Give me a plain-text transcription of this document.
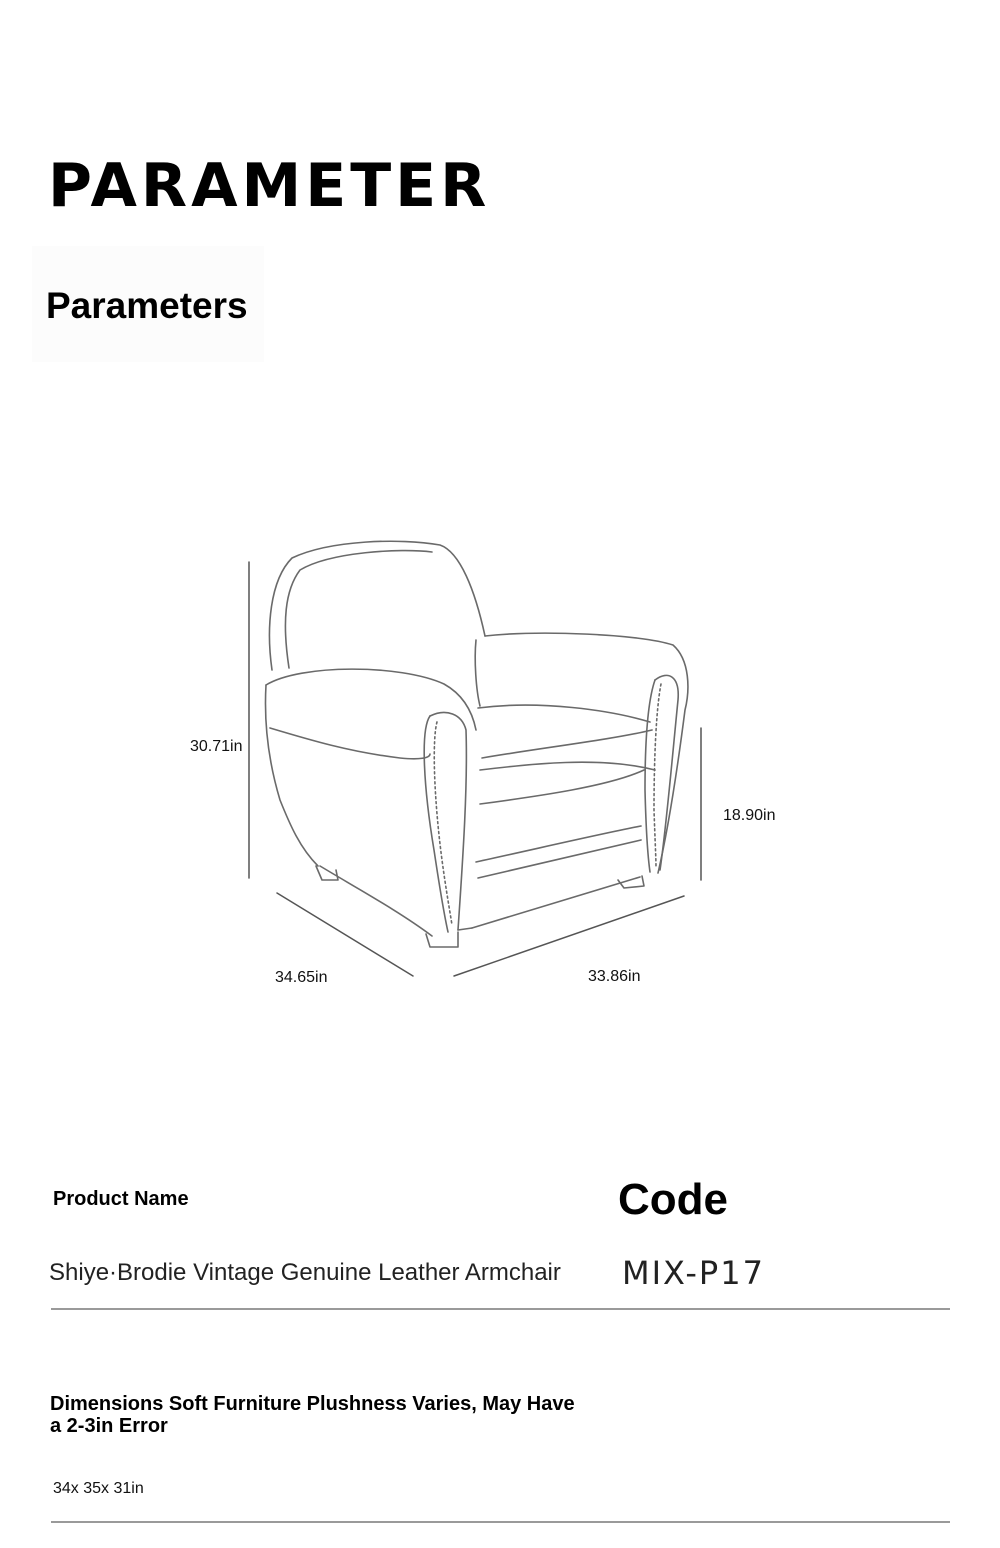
PARAMETER
Parameters
30.71in
18.90in
34.65in	33.86in
Product Name	Code
Shiye·Brodie Vintage Genuine Leather Armchair MIX-P17
Dimensions Soft Furniture Plushness Varies, May Have a 2-3in Error
34x 35x 31in
